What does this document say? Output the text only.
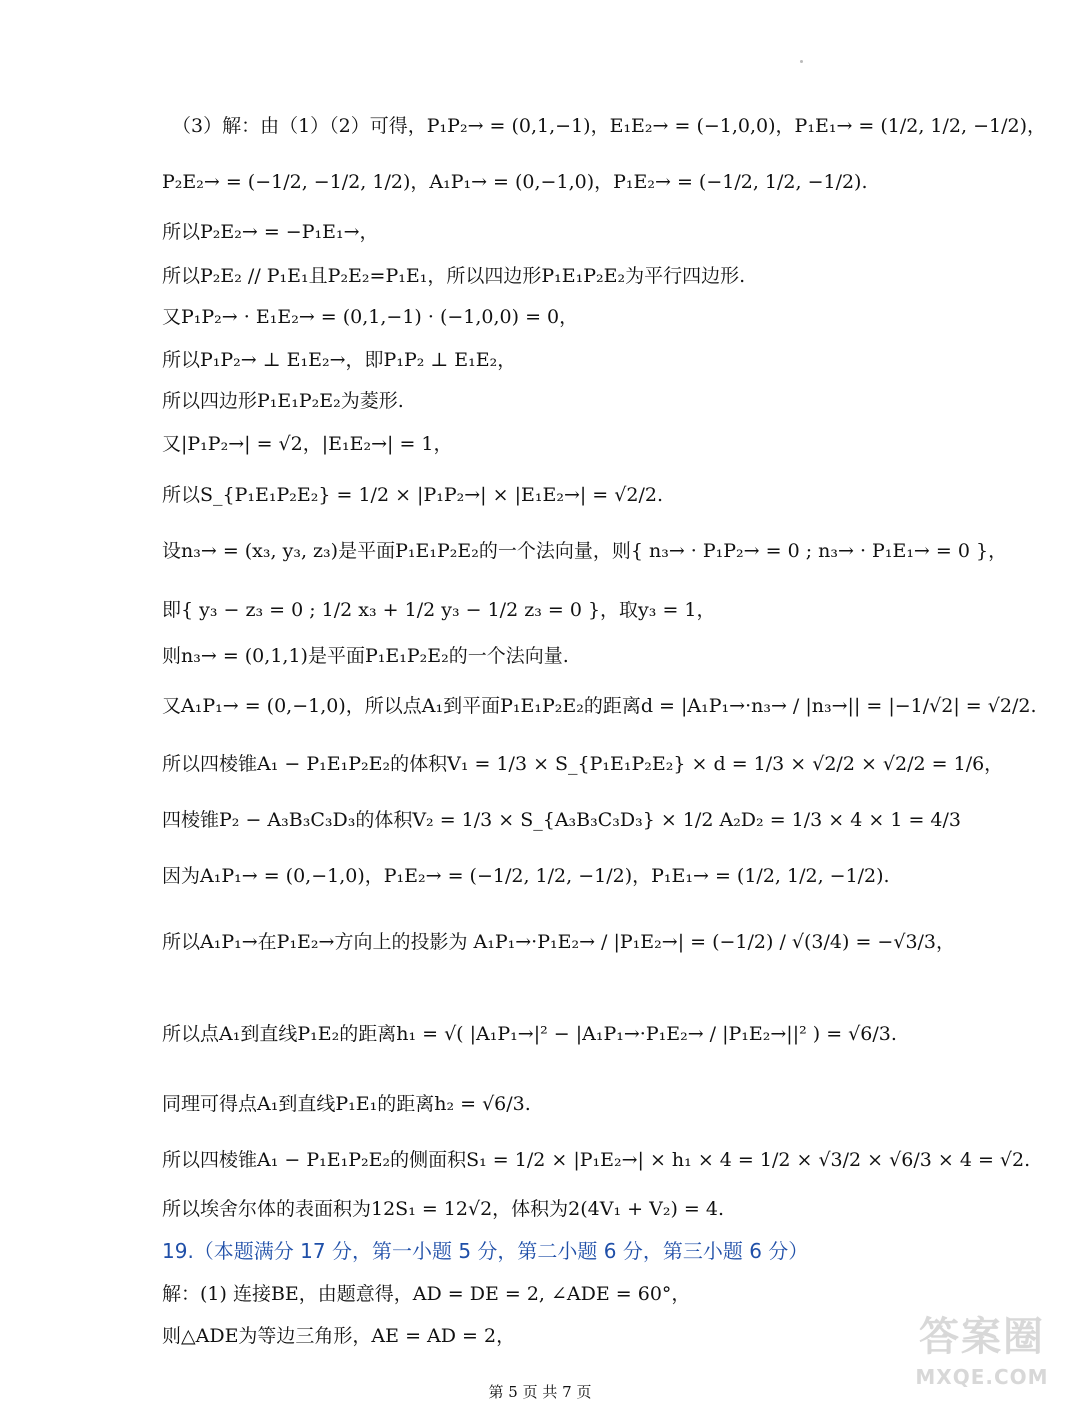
（3）解：由（1）（2）可得，P₁P₂→ = (0,1,−1)，E₁E₂→ = (−1,0,0)，P₁E₁→ = (1/2, 1/2, −1/2)，
P₂E₂→ = (−1/2, −1/2, 1/2)，A₁P₁→ = (0,−1,0)，P₁E₂→ = (−1/2, 1/2, −1/2).
所以P₂E₂→ = −P₁E₁→，
所以P₂E₂ // P₁E₁且P₂E₂=P₁E₁，所以四边形P₁E₁P₂E₂为平行四边形.
又P₁P₂→ · E₁E₂→ = (0,1,−1) · (−1,0,0) = 0，
所以P₁P₂→ ⊥ E₁E₂→，即P₁P₂ ⊥ E₁E₂，
所以四边形P₁E₁P₂E₂为菱形.
又|P₁P₂→| = √2，|E₁E₂→| = 1，
所以S_{P₁E₁P₂E₂} = 1/2 × |P₁P₂→| × |E₁E₂→| = √2/2.
设n₃→ = (x₃, y₃, z₃)是平面P₁E₁P₂E₂的一个法向量，则{ n₃→ · P₁P₂→ = 0 ; n₃→ · P₁E₁→ = 0 }，
即{ y₃ − z₃ = 0 ; 1/2 x₃ + 1/2 y₃ − 1/2 z₃ = 0 }，取y₃ = 1，
则n₃→ = (0,1,1)是平面P₁E₁P₂E₂的一个法向量.
又A₁P₁→ = (0,−1,0)，所以点A₁到平面P₁E₁P₂E₂的距离d = |A₁P₁→·n₃→ / |n₃→|| = |−1/√2| = √2/2.
所以四棱锥A₁ − P₁E₁P₂E₂的体积V₁ = 1/3 × S_{P₁E₁P₂E₂} × d = 1/3 × √2/2 × √2/2 = 1/6，
四棱锥P₂ − A₃B₃C₃D₃的体积V₂ = 1/3 × S_{A₃B₃C₃D₃} × 1/2 A₂D₂ = 1/3 × 4 × 1 = 4/3
因为A₁P₁→ = (0,−1,0)，P₁E₂→ = (−1/2, 1/2, −1/2)，P₁E₁→ = (1/2, 1/2, −1/2).
所以A₁P₁→在P₁E₂→方向上的投影为 A₁P₁→·P₁E₂→ / |P₁E₂→| = (−1/2) / √(3/4) = −√3/3，
所以点A₁到直线P₁E₂的距离h₁ = √( |A₁P₁→|² − |A₁P₁→·P₁E₂→ / |P₁E₂→||² ) = √6/3.
同理可得点A₁到直线P₁E₁的距离h₂ = √6/3.
所以四棱锥A₁ − P₁E₁P₂E₂的侧面积S₁ = 1/2 × |P₁E₂→| × h₁ × 4 = 1/2 × √3/2 × √6/3 × 4 = √2.
所以埃舍尔体的表面积为12S₁ = 12√2，体积为2(4V₁ + V₂) = 4.
19.（本题满分 17 分，第一小题 5 分，第二小题 6 分，第三小题 6 分）
解：(1) 连接BE，由题意得，AD = DE = 2, ∠ADE = 60°，
则△ADE为等边三角形，AE = AD = 2，
第 5 页 共 7 页
答案圈
MXQE.COM
